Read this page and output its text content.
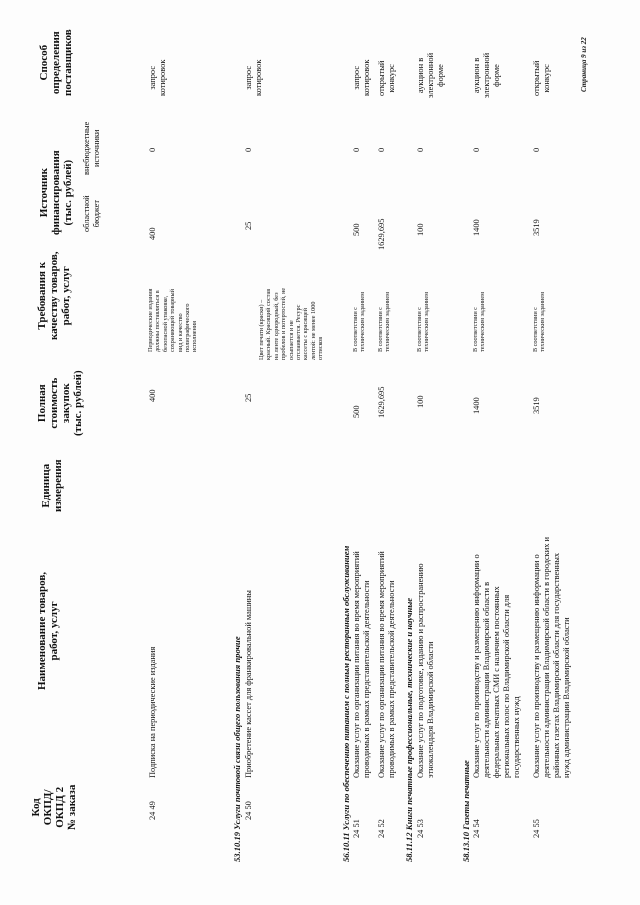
Код ОКПД/ ОКПД 2 № заказа
Наименование товаров, работ, услуг
Единица измерения
Полная стоимость закупок (тыс. рублей)
Требования к качеству товаров, работ, услуг
Источник финансирования (тыс. рублей) областной бюджет
внебюджетные источники
Способ определения поставщиков
24 49
Подписка на периодические издания
400
Периодические издания должны поставляться в безопасной упаковке, сохраняющей товарный вид и качество полиграфического исполнения
400
0
запрос котировок
53.10.19 Услуги почтовой связи общего пользования прочие 24 50
Приобретение кассет для франкировальной машины
25
Цвет печати (краски) – красный. Красящий состав на ленте однородный, без пробелов и потертостей, не осыпается и не отслаивается. Ресурс кассеты с красящей лентой: не менее 1000 оттисков
25
0
запрос котировок
56.10.11 Услуги по обеспечению питанием с полным ресторанным обслуживанием 24 51
Оказание услуг по организации питания во время мероприятий проводимых в рамках представительской деятельности
500
В соответствии с техническим заданием
500
0
запрос котировок
24 52
Оказание услуг по организации питания во время мероприятий проводимых в рамках представительской деятельности
1629,695
В соответствии с техническим заданием
1629,695
0
открытый конкурс
58.11.12 Книги печатные профессиональные, технические и научные 24 53
Оказание услуг по подготовке, изданию и распространению этнокалендаря Владимирской области
100
В соответствии с техническим заданием
100
0
аукцион в электронной форме
58.13.10 Газеты печатные 24 54
Оказание услуг по производству и размещению информации о деятельности администрации Владимирской области в федеральных печатных СМИ с наличием постоянных региональных полос по Владимирской области для государственных нужд
1400
В соответствии с техническим заданием
1400
0
аукцион в электронной форме
24 55
Оказание услуг по производству и размещению информации о деятельности администрации Владимирской области в городских и районных газетах Владимирской области для государственных нужд администрации Владимирской области
3519
В соответствии с техническим заданием
3519
0
открытый конкурс	Страница 9 из 22
